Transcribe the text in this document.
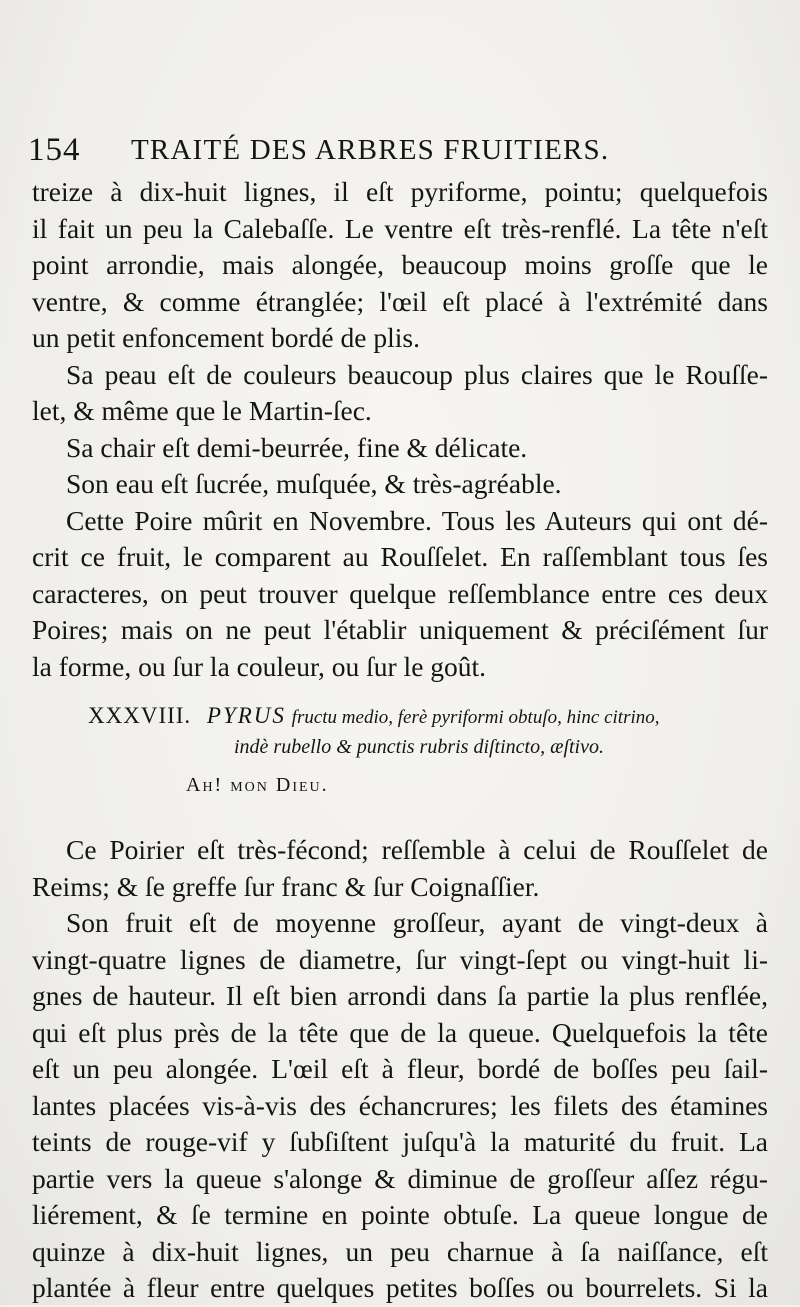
154 TRAITÉ DES ARBRES FRUITIERS.
treize à dix-huit lignes, il eſt pyriforme, pointu; quelquefois
il fait un peu la Calebaſſe. Le ventre eſt très-renflé. La tête n'eſt
point arrondie, mais alongée, beaucoup moins groſſe que le
ventre, & comme étranglée; l'œil eſt placé à l'extrémité dans
un petit enfoncement bordé de plis.
Sa peau eſt de couleurs beaucoup plus claires que le Rouſſe-
let, & même que le Martin-ſec.
Sa chair eſt demi-beurrée, fine & délicate.
Son eau eſt ſucrée, muſquée, & très-agréable.
Cette Poire mûrit en Novembre. Tous les Auteurs qui ont dé-
crit ce fruit, le comparent au Rouſſelet. En raſſemblant tous ſes
caracteres, on peut trouver quelque reſſemblance entre ces deux
Poires; mais on ne peut l'établir uniquement & préciſément ſur
la forme, ou ſur la couleur, ou ſur le goût.
XXXVIII. PYRUS fructu medio, ferè pyriformi obtuſo, hinc citrino,
indè rubello & punctis rubris diſtincto, æſtivo.
Ah! mon Dieu.
Ce Poirier eſt très-fécond; reſſemble à celui de Rouſſelet de
Reims; & ſe greffe ſur franc & ſur Coignaſſier.
Son fruit eſt de moyenne groſſeur, ayant de vingt-deux à
vingt-quatre lignes de diametre, ſur vingt-ſept ou vingt-huit li-
gnes de hauteur. Il eſt bien arrondi dans ſa partie la plus renflée,
qui eſt plus près de la tête que de la queue. Quelquefois la tête
eſt un peu alongée. L'œil eſt à fleur, bordé de boſſes peu ſail-
lantes placées vis-à-vis des échancrures; les filets des étamines
teints de rouge-vif y ſubſiſtent juſqu'à la maturité du fruit. La
partie vers la queue s'alonge & diminue de groſſeur aſſez régu-
liérement, & ſe termine en pointe obtuſe. La queue longue de
quinze à dix-huit lignes, un peu charnue à ſa naiſſance, eſt
plantée à fleur entre quelques petites boſſes ou bourrelets. Si la
